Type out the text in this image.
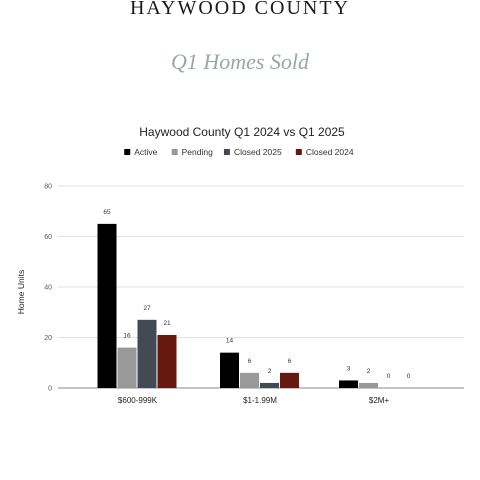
HAYWOOD COUNTY
Q1 Homes Sold
Haywood County Q1 2024 vs Q1 2025
Active	Pending Closed 2025	Closed 2024
0
20
40
60
80
65
16
27
21
14
6
2
6
3	2
0	0
$600-999K	$1-1.99M	$2M+
Home Units
